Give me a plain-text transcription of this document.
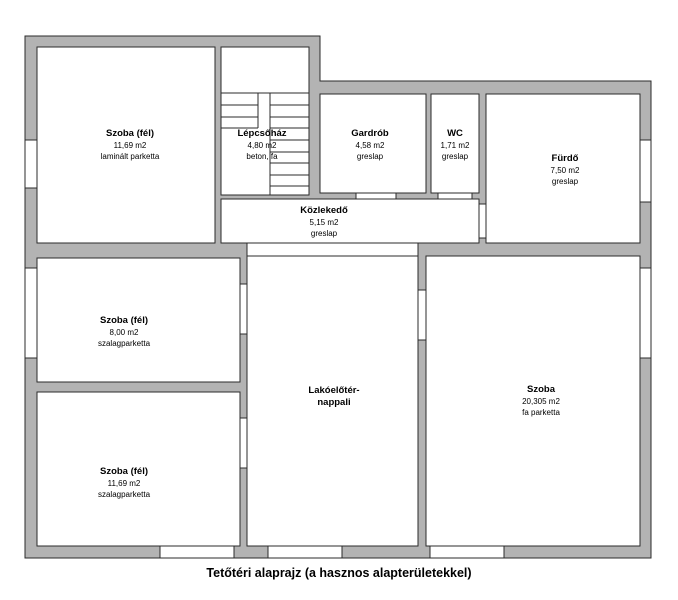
Szoba (fél)
11,69 m2
laminált parketta
Lépcsőház
4,80 m2
beton, fa
Gardrób
4,58 m2
greslap
WC
1,71 m2
greslap	Fürdő
7,50 m2
greslap
Közlekedő
5,15 m2
greslap
Szoba (fél)
8,00 m2
szalagparketta
Lakóelőtér-
nappali
Szoba
20,305 m2
fa parketta
Szoba (fél)
11,69 m2
szalagparketta
Tetőtéri alaprajz (a hasznos alapterületekkel)
